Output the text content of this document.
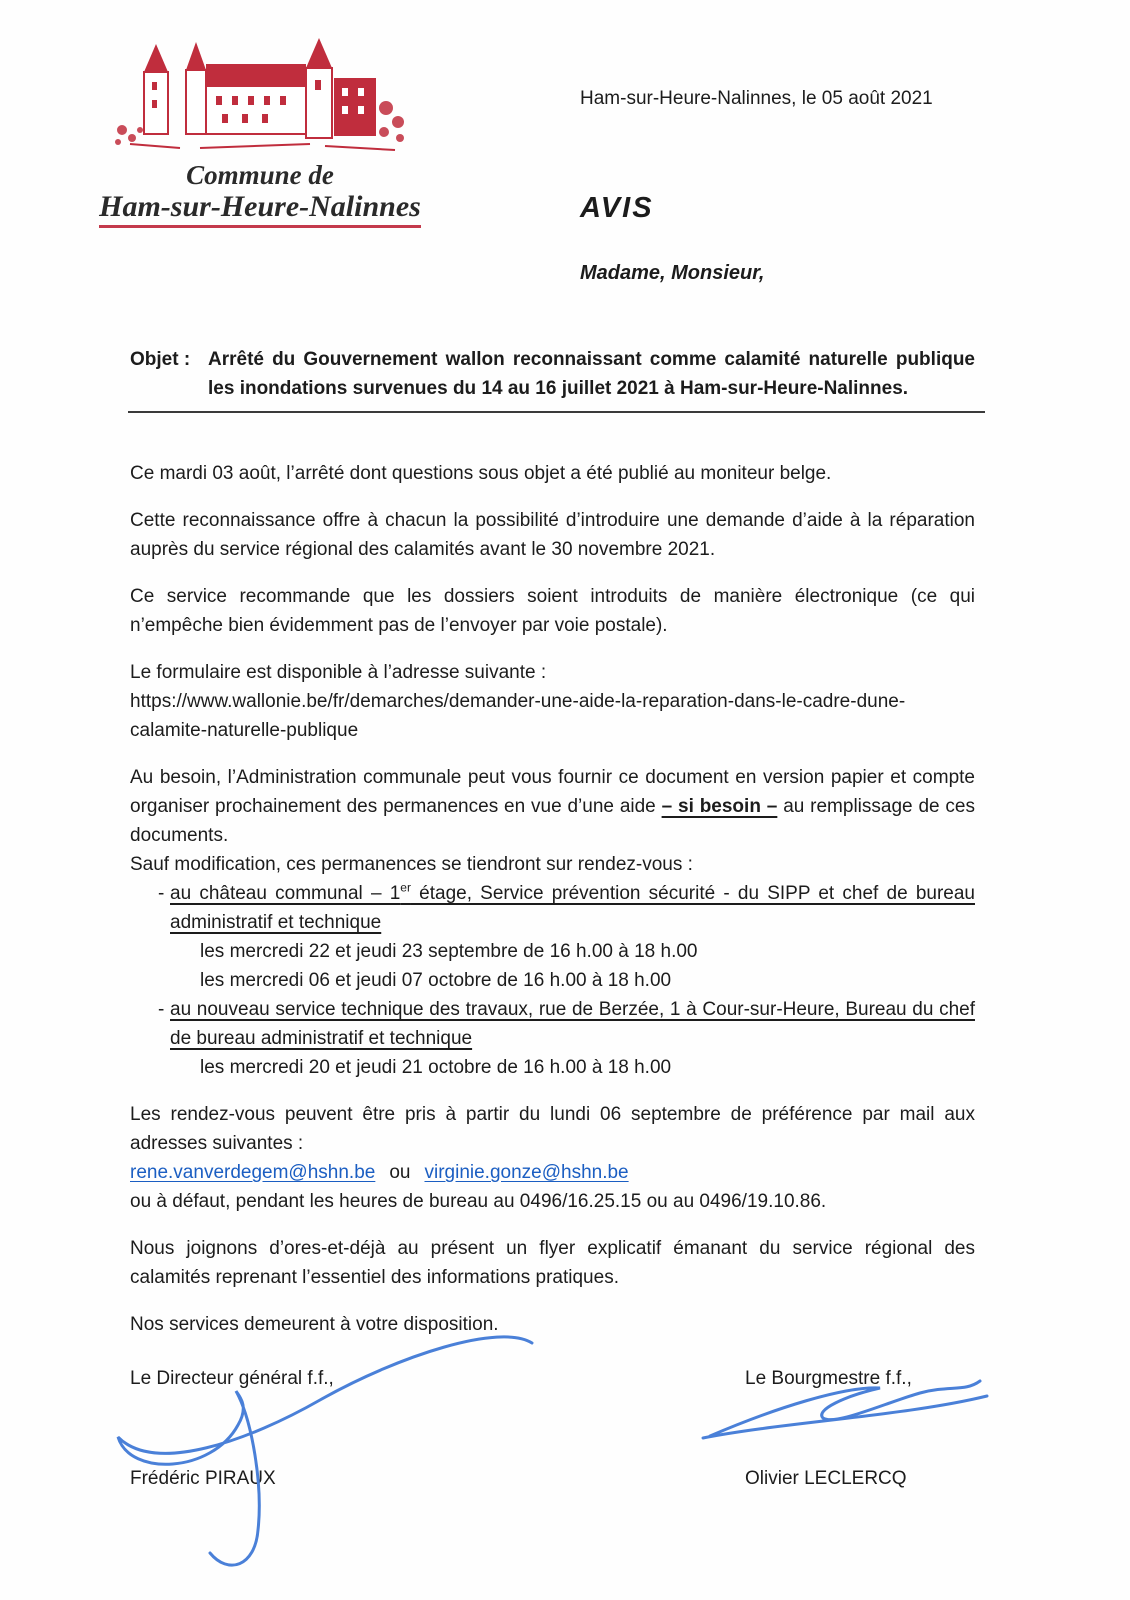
Commune de
Ham-sur-Heure-Nalinnes
Ham-sur-Heure-Nalinnes, le 05 août 2021
AVIS
Madame, Monsieur,
Objet : Arrêté du Gouvernement wallon reconnaissant comme calamité naturelle publique les inondations survenues du 14 au 16 juillet 2021 à Ham-sur-Heure-Nalinnes.

Ce mardi 03 août, l’arrêté dont questions sous objet a été publié au moniteur belge.

Cette reconnaissance offre à chacun la possibilité d’introduire une demande d’aide à la réparation auprès du service régional des calamités avant le 30 novembre 2021.

Ce service recommande que les dossiers soient introduits de manière électronique (ce qui n’empêche bien évidemment pas de l’envoyer par voie postale).

Le formulaire est disponible à l’adresse suivante :
https://www.wallonie.be/fr/demarches/demander-une-aide-la-reparation-dans-le-cadre-dune-calamite-naturelle-publique

Au besoin, l’Administration communale peut vous fournir ce document en version papier et compte organiser prochainement des permanences en vue d’une aide – si besoin – au remplissage de ces documents.

Sauf modification, ces permanences se tiendront sur rendez-vous :

- au château communal – 1er étage, Service prévention sécurité - du SIPP et chef de bureau administratif et technique

les mercredi 22 et jeudi 23 septembre de 16 h.00 à 18 h.00

les mercredi 06 et jeudi 07 octobre de 16 h.00 à 18 h.00

- au nouveau service technique des travaux, rue de Berzée, 1 à Cour-sur-Heure, Bureau du chef de bureau administratif et technique

les mercredi 20 et jeudi 21 octobre de 16 h.00 à 18 h.00

Les rendez-vous peuvent être pris à partir du lundi 06 septembre de préférence par mail aux adresses suivantes :

rene.vanverdegem@hshn.be ou virginie.gonze@hshn.be

ou à défaut, pendant les heures de bureau au 0496/16.25.15 ou au 0496/19.10.86.

Nous joignons d’ores-et-déjà au présent un flyer explicatif émanant du service régional des calamités reprenant l’essentiel des informations pratiques.

Nos services demeurent à votre disposition.

Le Directeur général f.f.,	Le Bourgmestre f.f.,
Frédéric PIRAUX	Olivier LECLERCQ
